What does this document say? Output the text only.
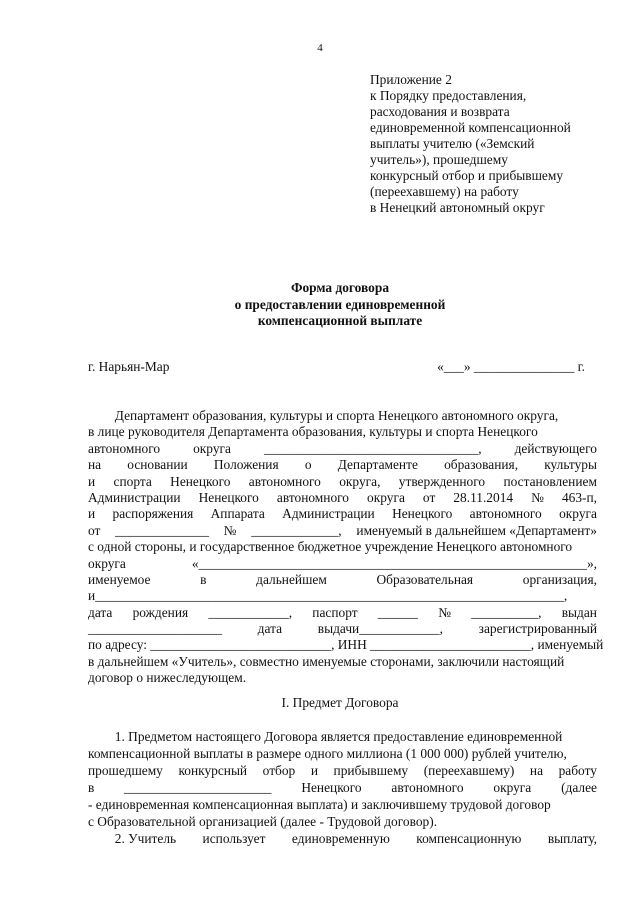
4
Приложение 2
к Порядку предоставления,
расходования и возврата
единовременной компенсационной
выплаты учителю («Земский
учитель»), прошедшему
конкурсный отбор и прибывшему
(переехавшему) на работу
в Ненецкий автономный округ
Форма договора
о предоставлении единовременной
компенсационной выплате
г. Нарьян-Мар	«___» _______________ г.
Департамент образования, культуры и спорта Ненецкого автономного округа,
в лице руководителя Департамента образования, культуры и спорта Ненецкого
автономного округа ________________________________, действующего
на основании Положения о Департаменте образования, культуры
и спорта Ненецкого автономного округа, утвержденного постановлением
Администрации Ненецкого автономного округа от 28.11.2014 № 463-п,
и распоряжения Аппарата Администрации Ненецкого автономного округа
от ______________ № _____________, именуемый в дальнейшем «Департамент»
с одной стороны, и государственное бюджетное учреждение Ненецкого автономного
округа	«__________________________________________________________»,
именуемое	в	дальнейшем	Образовательная	организация,
и______________________________________________________________________,
дата рождения ____________, паспорт ______ № __________, выдан
____________________	дата	выдачи____________,	зарегистрированный
по адресу: ___________________________, ИНН ________________________, именуемый
в дальнейшем «Учитель», совместно именуемые сторонами, заключили настоящий
договор о нижеследующем.
I. Предмет Договора
1. Предметом настоящего Договора является предоставление единовременной
компенсационной выплаты в размере одного миллиона (1 000 000) рублей учителю,
прошедшему конкурсный отбор и прибывшему (переехавшему) на работу
в ______________________ Ненецкого автономного округа (далее
- единовременная компенсационная выплата) и заключившему трудовой договор
с Образовательной организацией (далее - Трудовой договор).
2. Учитель использует единовременную компенсационную выплату,
